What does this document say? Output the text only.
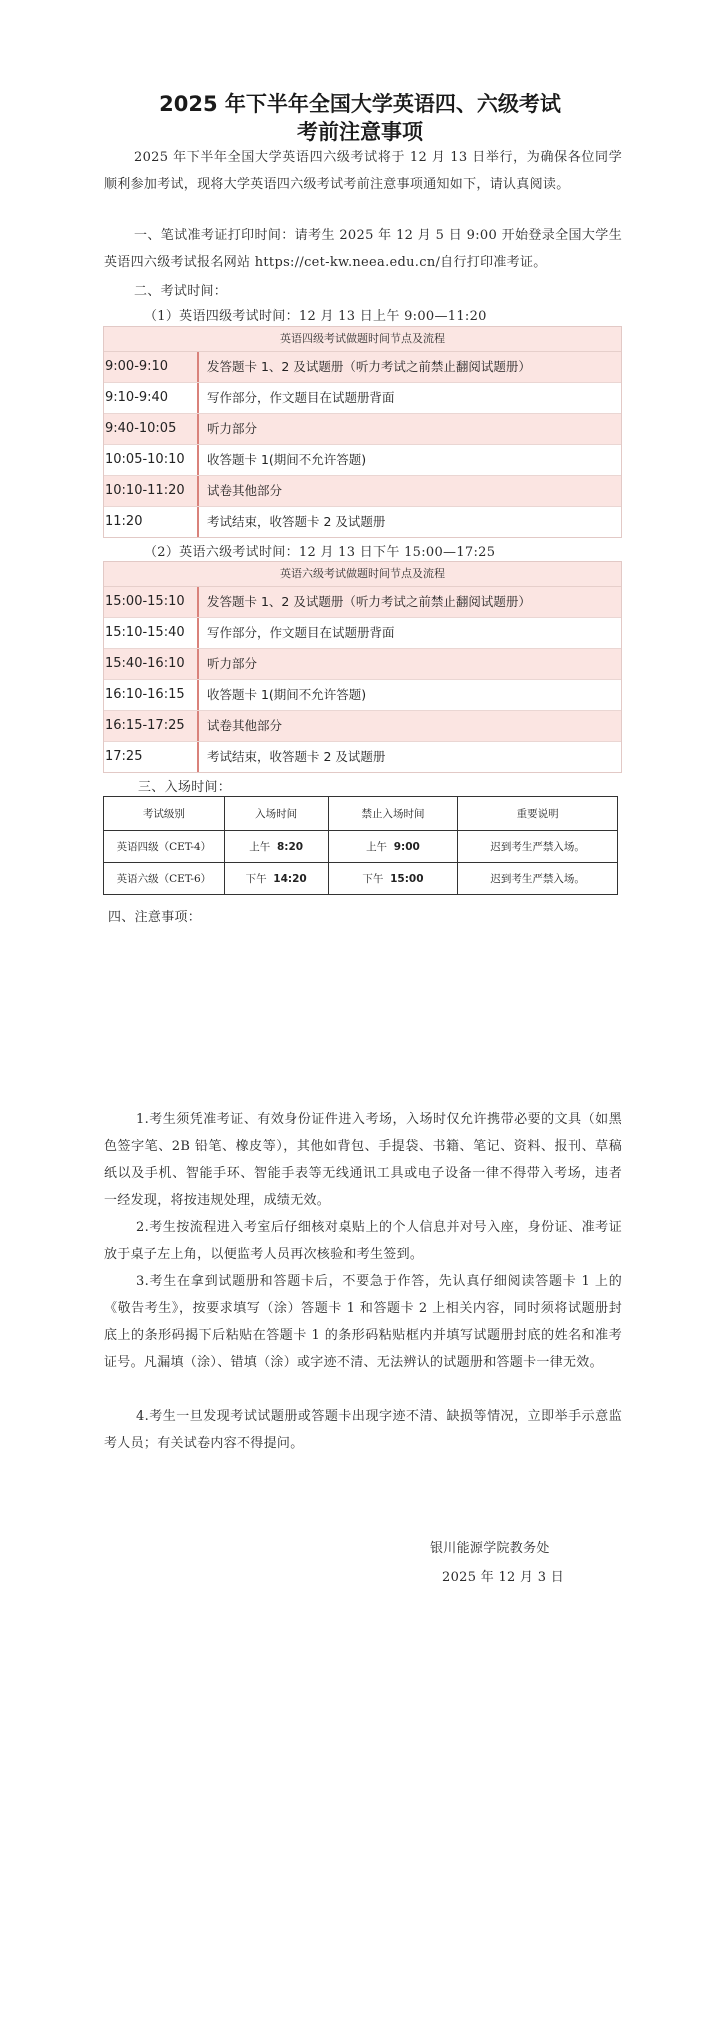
2025 年下半年全国大学英语四、六级考试
考前注意事项
2025 年下半年全国大学英语四六级考试将于 12 月 13 日举行，为确保各位同学顺利参加考试，现将大学英语四六级考试考前注意事项通知如下，请认真阅读。
一、笔试准考证打印时间：请考生 2025 年 12 月 5 日 9:00 开始登录全国大学生英语四六级考试报名网站 https://cet-kw.neea.edu.cn/自行打印准考证。
二、考试时间：
（1）英语四级考试时间：12 月 13 日上午 9:00—11:20
英语四级考试做题时间节点及流程
9:00-9:10	发答题卡 1、2 及试题册（听力考试之前禁止翻阅试题册）
9:10-9:40	写作部分，作文题目在试题册背面
9:40-10:05	听力部分
10:05-10:10	收答题卡 1(期间不允许答题)
10:10-11:20	试卷其他部分
11:20	考试结束，收答题卡 2 及试题册
（2）英语六级考试时间：12 月 13 日下午 15:00—17:25
英语六级考试做题时间节点及流程
15:00-15:10	发答题卡 1、2 及试题册（听力考试之前禁止翻阅试题册）
15:10-15:40	写作部分，作文题目在试题册背面
15:40-16:10	听力部分
16:10-16:15	收答题卡 1(期间不允许答题)
16:15-17:25	试卷其他部分
17:25	考试结束，收答题卡 2 及试题册
三、入场时间：
考试级别	入场时间	禁止入场时间	重要说明
英语四级（CET-4）	上午 8:20	上午 9:00	迟到考生严禁入场。
英语六级（CET-6）	下午 14:20	下午 15:00	迟到考生严禁入场。
四、注意事项：
1.考生须凭准考证、有效身份证件进入考场，入场时仅允许携带必要的文具（如黑色签字笔、2B 铅笔、橡皮等），其他如背包、手提袋、书籍、笔记、资料、报刊、草稿纸以及手机、智能手环、智能手表等无线通讯工具或电子设备一律不得带入考场，违者一经发现，将按违规处理，成绩无效。
2.考生按流程进入考室后仔细核对桌贴上的个人信息并对号入座，身份证、准考证放于桌子左上角，以便监考人员再次核验和考生签到。
3.考生在拿到试题册和答题卡后，不要急于作答，先认真仔细阅读答题卡 1 上的《敬告考生》，按要求填写（涂）答题卡 1 和答题卡 2 上相关内容，同时须将试题册封底上的条形码揭下后粘贴在答题卡 1 的条形码粘贴框内并填写试题册封底的姓名和准考证号。凡漏填（涂）、错填（涂）或字迹不清、无法辨认的试题册和答题卡一律无效。
4.考生一旦发现考试试题册或答题卡出现字迹不清、缺损等情况，立即举手示意监考人员；有关试卷内容不得提问。
银川能源学院教务处
2025 年 12 月 3 日
